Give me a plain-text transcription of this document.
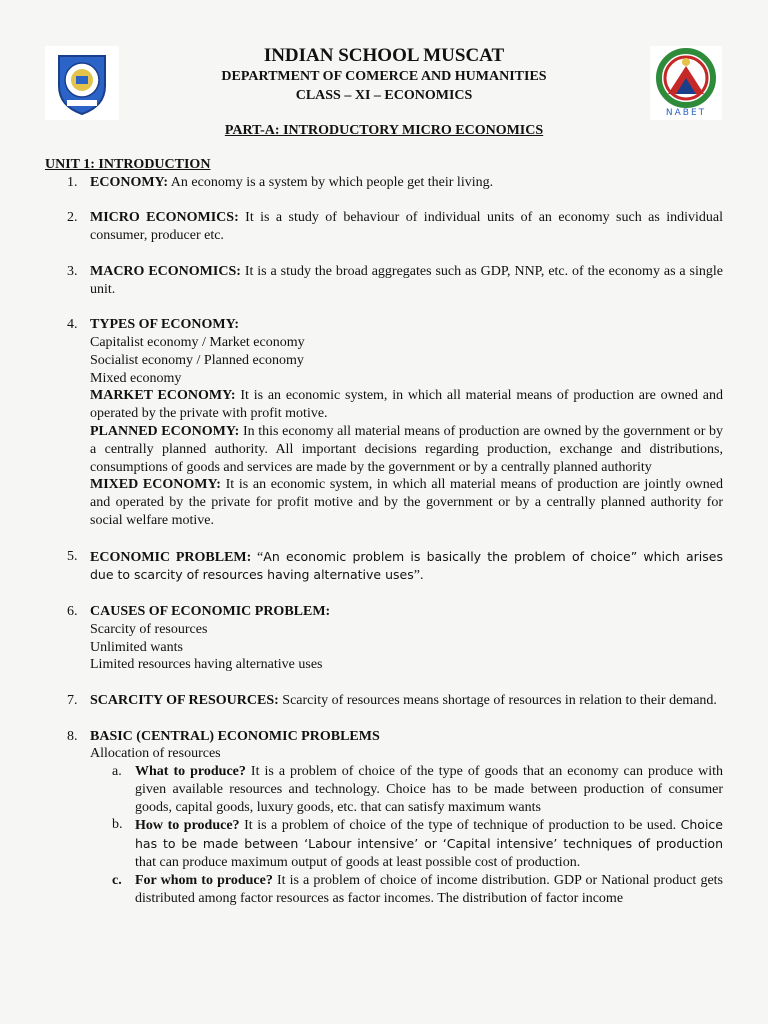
NABET
INDIAN SCHOOL MUSCAT
DEPARTMENT OF COMERCE AND HUMANITIES
CLASS – XI – ECONOMICS
PART-A: INTRODUCTORY MICRO ECONOMICS
UNIT 1: INTRODUCTION
1. ECONOMY: An economy is a system by which people get their living.
2. MICRO ECONOMICS: It is a study of behaviour of individual units of an economy such as individual consumer, producer etc.
3. MACRO ECONOMICS: It is a study the broad aggregates such as GDP, NNP, etc. of the economy as a single unit.
4. TYPES OF ECONOMY:
Capitalist economy / Market economy
Socialist economy / Planned economy
Mixed economy
MARKET ECONOMY: It is an economic system, in which all material means of production are owned and operated by the private with profit motive.
PLANNED ECONOMY: In this economy all material means of production are owned by the government or by a centrally planned authority. All important decisions regarding production, exchange and distributions, consumptions of goods and services are made by the government or by a centrally planned authority
MIXED ECONOMY: It is an economic system, in which all material means of production are jointly owned and operated by the private for profit motive and by the government or by a centrally planned authority for social welfare motive.
5. ECONOMIC PROBLEM: “An economic problem is basically the problem of choice” which arises due to scarcity of resources having alternative uses”.
6. CAUSES OF ECONOMIC PROBLEM:
Scarcity of resources
Unlimited wants
Limited resources having alternative uses
7. SCARCITY OF RESOURCES: Scarcity of resources means shortage of resources in relation to their demand.
8. BASIC (CENTRAL) ECONOMIC PROBLEMS
Allocation of resources
a. What to produce? It is a problem of choice of the type of goods that an economy can produce with given available resources and technology. Choice has to be made between production of consumer goods, capital goods, luxury goods, etc. that can satisfy maximum wants
b. How to produce? It is a problem of choice of the type of technique of production to be used. Choice has to be made between ‘Labour intensive’ or ‘Capital intensive’ techniques of production that can produce maximum output of goods at least possible cost of production.
c. For whom to produce? It is a problem of choice of income distribution. GDP or National product gets distributed among factor resources as factor incomes. The distribution of factor income
